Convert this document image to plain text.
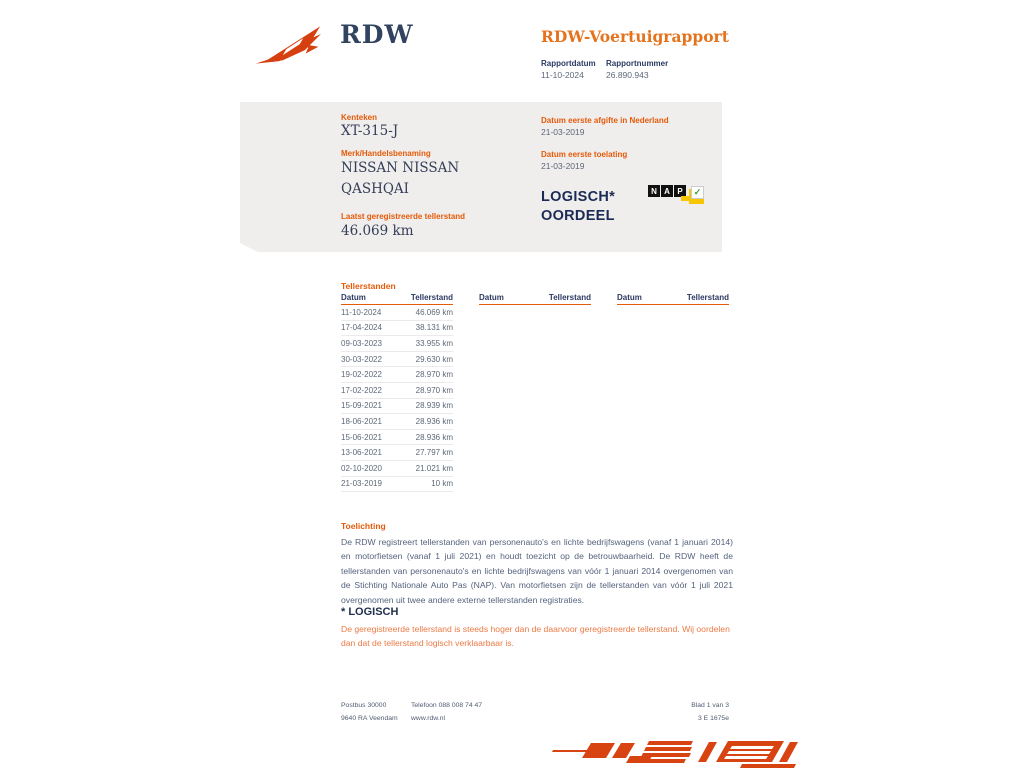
RDW	RDW-Voertuigrapport
Rapportdatum Rapportnummer
11-10-2024	26.890.943
Kenteken
XT-315-J
Merk/Handelsbenaming
NISSAN NISSAN
QASHQAI
Laatst geregistreerde tellerstand
46.069 km
Datum eerste afgifte in Nederland
21-03-2019
Datum eerste toelating
21-03-2019
LOGISCH*
OORDEEL
N A P	✓
Tellerstanden
Datum	Tellerstand
11-10-2024	46.069 km
17-04-2024	38.131 km
09-03-2023	33.955 km
30-03-2022	29.630 km
19-02-2022	28.970 km
17-02-2022	28.970 km
15-09-2021	28.939 km
18-06-2021	28.936 km
15-06-2021	28.936 km
13-06-2021	27.797 km
02-10-2020	21.021 km
21-03-2019	10 km
Datum	Tellerstand	Datum	Tellerstand
Toelichting
De RDW registreert tellerstanden van personenauto's en lichte bedrijfswagens (vanaf 1 januari 2014) en motorfietsen (vanaf 1 juli 2021) en houdt toezicht op de betrouwbaarheid. De RDW heeft de tellerstanden van personenauto's en lichte bedrijfswagens van vóór 1 januari 2014 overgenomen van de Stichting Nationale Auto Pas (NAP). Van motorfietsen zijn de tellerstanden van vóór 1 juli 2021 overgenomen uit twee andere externe tellerstanden registraties.
* LOGISCH
De geregistreerde tellerstand is steeds hoger dan de daarvoor geregistreerde tellerstand. Wij oordelen dan dat de tellerstand logisch verklaarbaar is.
Postbus 30000
9640 RA Veendam
Telefoon 088 008 74 47
www.rdw.nl
Blad 1 van 3
3 E 1675e
